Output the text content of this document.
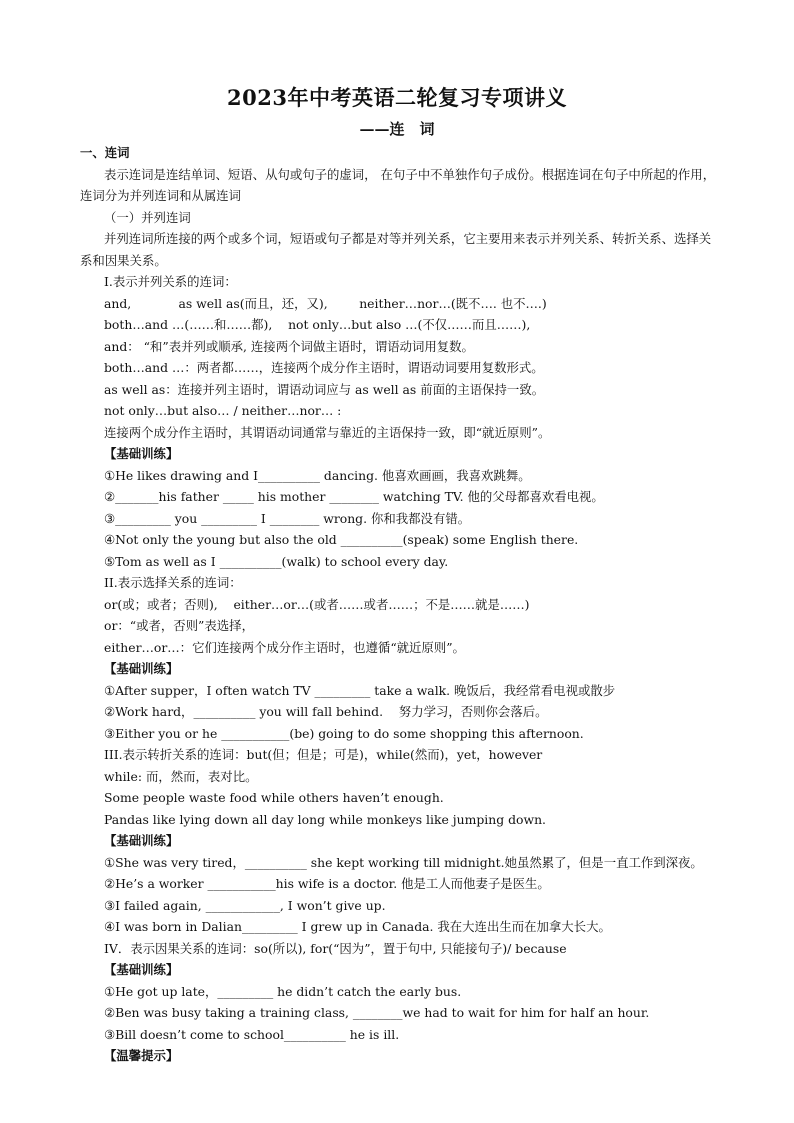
2023年中考英语二轮复习专项讲义
——连　词
一、连词
表示连词是连结单词、短语、从句或句子的虚词， 在句子中不单独作句子成份。根据连词在句子中所起的作用，连词分为并列连词和从属连词
（一）并列连词
并列连词所连接的两个或多个词，短语或句子都是对等并列关系，它主要用来表示并列关系、转折关系、选择关系和因果关系。
I.表示并列关系的连词：
and,            as well as(而且，还，又),        neither…nor…(既不…. 也不….)
both…and …(……和……都),    not only…but also …(不仅……而且……),
and： “和”表并列或顺承, 连接两个词做主语时，谓语动词用复数。
both…and …：两者都……，连接两个成分作主语时，谓语动词要用复数形式。
as well as：连接并列主语时，谓语动词应与 as well as 前面的主语保持一致。
not only…but also… / neither…nor… :
连接两个成分作主语时，其谓语动词通常与靠近的主语保持一致，即“就近原则”。
【基础训练】
①He likes drawing and I__________ dancing. 他喜欢画画，我喜欢跳舞。
②_______his father _____ his mother ________ watching TV. 他的父母都喜欢看电视。
③_________ you _________ I ________ wrong. 你和我都没有错。
④Not only the young but also the old __________(speak) some English there.
⑤Tom as well as I __________(walk) to school every day.
II.表示选择关系的连词：
or(或；或者；否则),    either…or…(或者……或者……；不是……就是……)
or：“或者，否则”表选择，
either…or…：它们连接两个成分作主语时，也遵循“就近原则”。
【基础训练】
①After supper，I often watch TV _________ take a walk. 晚饭后，我经常看电视或散步
②Work hard，__________ you will fall behind.    努力学习，否则你会落后。
③Either you or he ___________(be) going to do some shopping this afternoon.
III.表示转折关系的连词：but(但；但是；可是)，while(然而)，yet，however
while: 而，然而，表对比。
Some people waste food while others haven’t enough.
Pandas like lying down all day long while monkeys like jumping down.
【基础训练】
①She was very tired，__________ she kept working till midnight.她虽然累了，但是一直工作到深夜。
②He’s a worker ___________his wife is a doctor. 他是工人而他妻子是医生。
③I failed again, ____________, I won’t give up.
④I was born in Dalian_________ I grew up in Canada. 我在大连出生而在加拿大长大。
IV．表示因果关系的连词：so(所以), for(“因为”，置于句中, 只能接句子)/ because
【基础训练】
①He got up late，_________ he didn’t catch the early bus.
②Ben was busy taking a training class, ________we had to wait for him for half an hour.
③Bill doesn’t come to school__________ he is ill.
【温馨提示】
